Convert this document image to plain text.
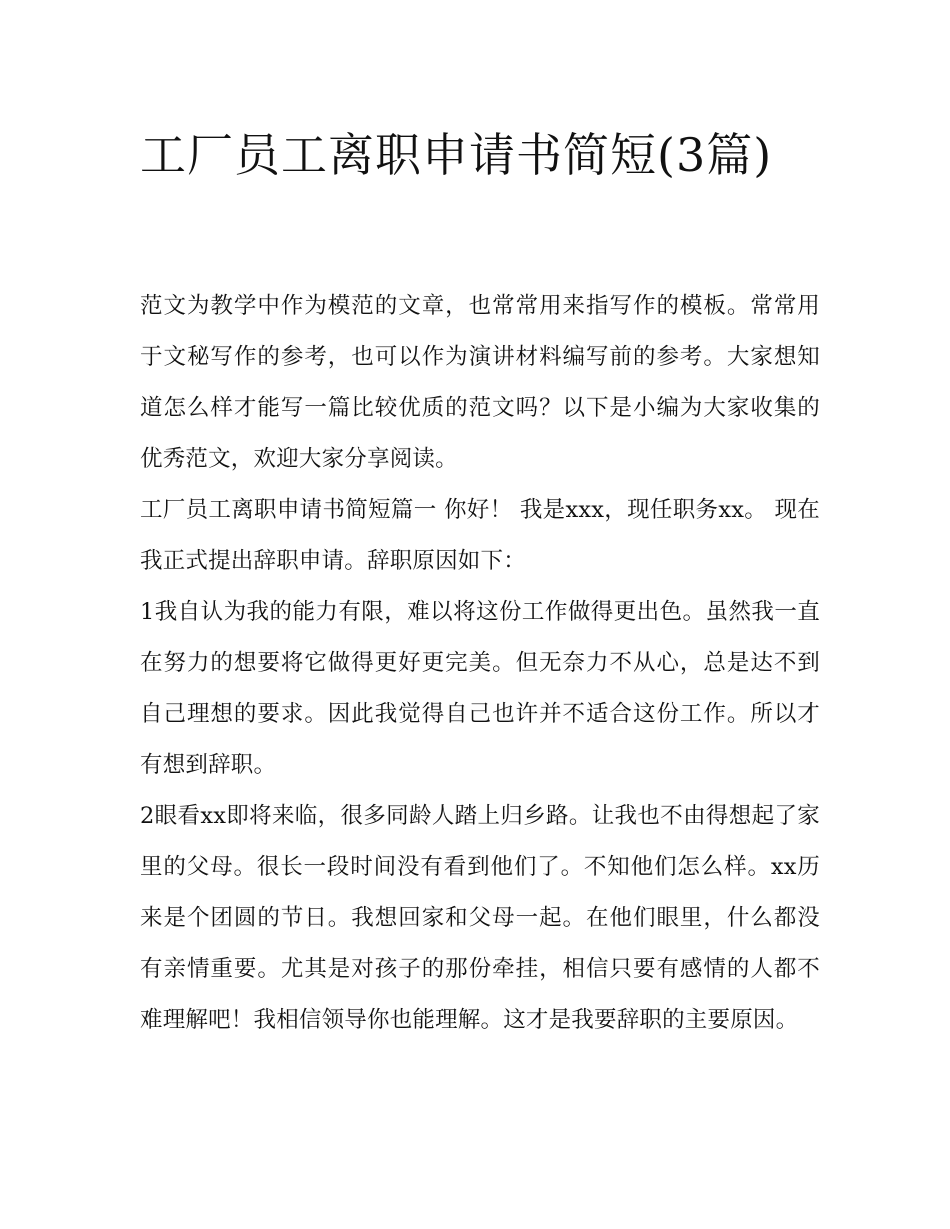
工厂员工离职申请书简短(3篇)

范文为教学中作为模范的文章，也常常用来指写作的模板。常常用于文秘写作的参考，也可以作为演讲材料编写前的参考。大家想知道怎么样才能写一篇比较优质的范文吗？以下是小编为大家收集的优秀范文，欢迎大家分享阅读。

工厂员工离职申请书简短篇一 你好！ 我是xxx，现任职务xx。 现在我正式提出辞职申请。辞职原因如下：

1我自认为我的能力有限，难以将这份工作做得更出色。虽然我一直在努力的想要将它做得更好更完美。但无奈力不从心，总是达不到自己理想的要求。因此我觉得自己也许并不适合这份工作。所以才有想到辞职。

2眼看xx即将来临，很多同龄人踏上归乡路。让我也不由得想起了家里的父母。很长一段时间没有看到他们了。不知他们怎么样。xx历来是个团圆的节日。我想回家和父母一起。在他们眼里，什么都没有亲情重要。尤其是对孩子的那份牵挂，相信只要有感情的人都不难理解吧！我相信领导你也能理解。这才是我要辞职的主要原因。
